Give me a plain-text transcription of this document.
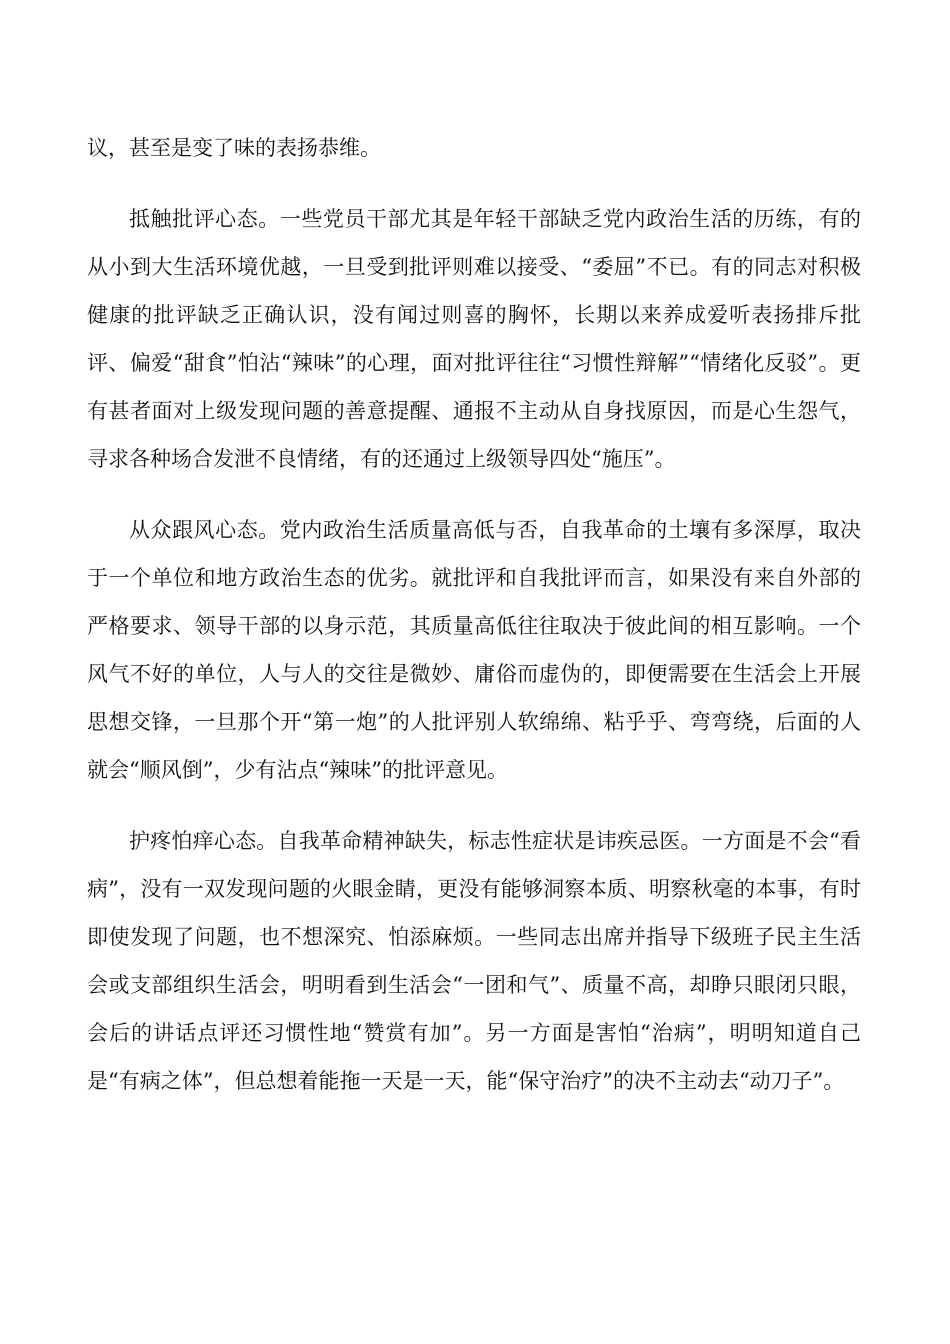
议，甚至是变了味的表扬恭维。

抵触批评心态。一些党员干部尤其是年轻干部缺乏党内政治生活的历练，有的从小到大生活环境优越，一旦受到批评则难以接受、“委屈”不已。有的同志对积极健康的批评缺乏正确认识，没有闻过则喜的胸怀，长期以来养成爱听表扬排斥批评、偏爱“甜食”怕沾“辣味”的心理，面对批评往往“习惯性辩解”“情绪化反驳”。更有甚者面对上级发现问题的善意提醒、通报不主动从自身找原因，而是心生怨气，寻求各种场合发泄不良情绪，有的还通过上级领导四处“施压”。

从众跟风心态。党内政治生活质量高低与否，自我革命的土壤有多深厚，取决于一个单位和地方政治生态的优劣。就批评和自我批评而言，如果没有来自外部的严格要求、领导干部的以身示范，其质量高低往往取决于彼此间的相互影响。一个风气不好的单位，人与人的交往是微妙、庸俗而虚伪的，即便需要在生活会上开展思想交锋，一旦那个开“第一炮”的人批评别人软绵绵、粘乎乎、弯弯绕，后面的人就会“顺风倒”，少有沾点“辣味”的批评意见。

护疼怕痒心态。自我革命精神缺失，标志性症状是讳疾忌医。一方面是不会“看病”，没有一双发现问题的火眼金睛，更没有能够洞察本质、明察秋毫的本事，有时即使发现了问题，也不想深究、怕添麻烦。一些同志出席并指导下级班子民主生活会或支部组织生活会，明明看到生活会“一团和气”、质量不高，却睁只眼闭只眼，会后的讲话点评还习惯性地“赞赏有加”。另一方面是害怕“治病”，明明知道自己是“有病之体”，但总想着能拖一天是一天，能“保守治疗”的决不主动去“动刀子”。
